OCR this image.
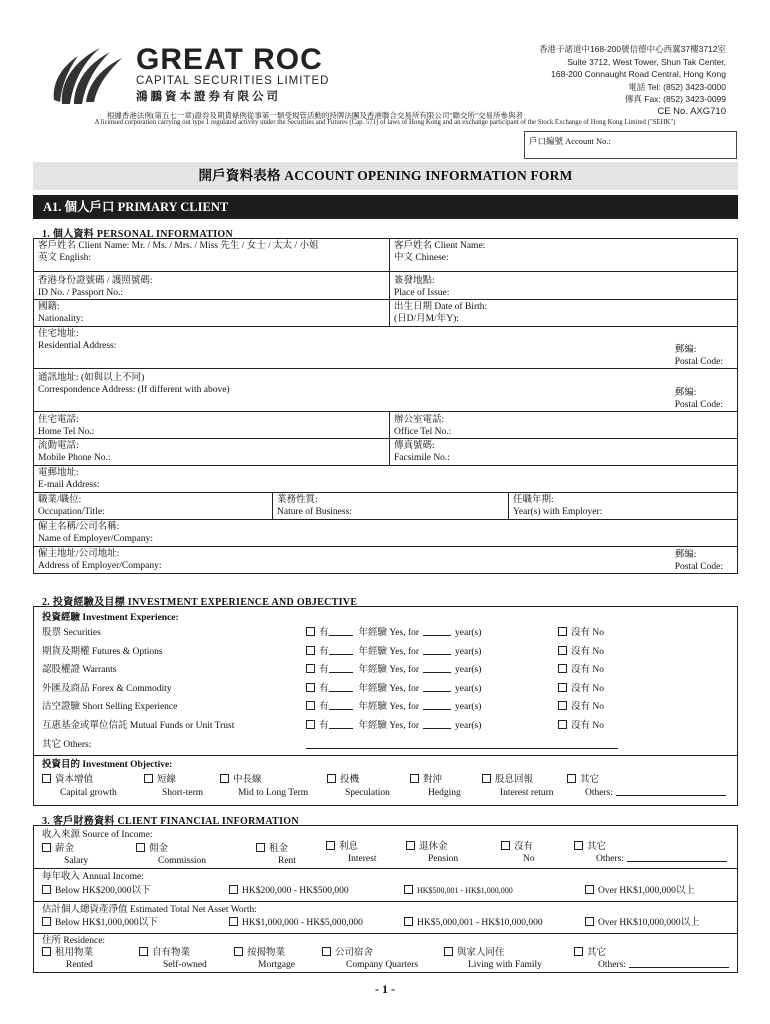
GREAT ROC
CAPITAL SECURITIES LIMITED
鴻鵬資本證券有限公司
香港干諾道中168-200號信德中心西翼37樓3712室
Suite 3712, West Tower, Shun Tak Center,
168-200 Connaught Road Central, Hong Kong
電話 Tel: (852) 3423-0000
傳真 Fax: (852) 3423-0099
CE No. AXG710
根據香港法例(第五七一章)證券及期貨條例從事第一類受規管活動的持牌法團及香港聯合交易所有限公司"聯交所"交易所參與者
A licensed corporation carrying out type 1 regulated activity under the Securities and Futures (Cap. 571) of laws of Hong Kong and an exchange participant of the Stock Exchange of Hong Kong Limited ("SEHK")
戶口編號 Account No.:
開戶資料表格 ACCOUNT OPENING INFORMATION FORM
A1. 個人戶口 PRIMARY CLIENT
1. 個人資料 PERSONAL INFORMATION
客戶姓名 Client Name: Mr. / Ms. / Mrs. / Miss 先生 / 女士 / 太太 / 小姐
英文 English:
客戶姓名 Client Name:
中文 Chinese:
香港身份證號碼 / 護照號碼:
ID No. / Passport No.:
簽發地點:
Place of Issue:
國籍:
Nationality:
出生日期 Date of Birth:
(日D/月M/年Y):
住宅地址:
Residential Address:	郵編:
Postal Code:
通訊地址: (如與以上不同)
Correspondence Address: (If different with above)	郵編:
Postal Code:
住宅電話:
Home Tel No.:
辦公室電話:
Office Tel No.:
流動電話:
Mobile Phone No.:
傳真號碼:
Facsimile No.:
電郵地址:
E-mail Address:
職業/職位:
Occupation/Title:
業務性質:
Nature of Business:
任職年期:
Year(s) with Employer:
僱主名稱/公司名稱:
Name of Employer/Company:
僱主地址/公司地址:
Address of Employer/Company:
郵編:
Postal Code:
2. 投資經驗及目標 INVESTMENT EXPERIENCE AND OBJECTIVE
投資經驗 Investment Experience:
股票 Securities	有	年經驗 Yes, for	year(s)	沒有 No
期貨及期權 Futures & Options	有	年經驗 Yes, for	year(s)	沒有 No
認股權證 Warrants	有	年經驗 Yes, for	year(s)	沒有 No
外匯及商品 Forex & Commodity	有	年經驗 Yes, for	year(s)	沒有 No
沽空證驗 Short Selling Experience	有	年經驗 Yes, for	year(s)	沒有 No
互惠基金或單位信託 Mutual Funds or Unit Trust	有	年經驗 Yes, for	year(s)	沒有 No
其它 Others:
投資目的 Investment Objective:
資本增值
Capital growth
短線
Short-term
中長線
Mid to Long Term
投機
Speculation
對沖
Hedging
股息回報
Interest return
其它
Others:
3. 客戶財務資料 CLIENT FINANCIAL INFORMATION
收入來源 Source of Income:
薪金
Salary
佣金
Commission
租金
Rent
利息
Interest
退休金
Pension
沒有
No
其它
Others:
每年收入 Annual Income:
Below HK$200,000以下	HK$200,000 - HK$500,000	HK$500,001 - HK$1,000,000	Over HK$1,000,000以上
估計個人總資產淨值 Estimated Total Net Asset Worth:
Below HK$1,000,000以下	HK$1,000,000 - HK$5,000,000	HK$5,000,001 - HK$10,000,000	Over HK$10,000,000以上
住所 Residence:
租用物業
Rented
自有物業
Self-owned
按揭物業
Mortgage
公司宿舍
Company Quarters
與家人同住
Living with Family
其它
Others:
- 1 -
